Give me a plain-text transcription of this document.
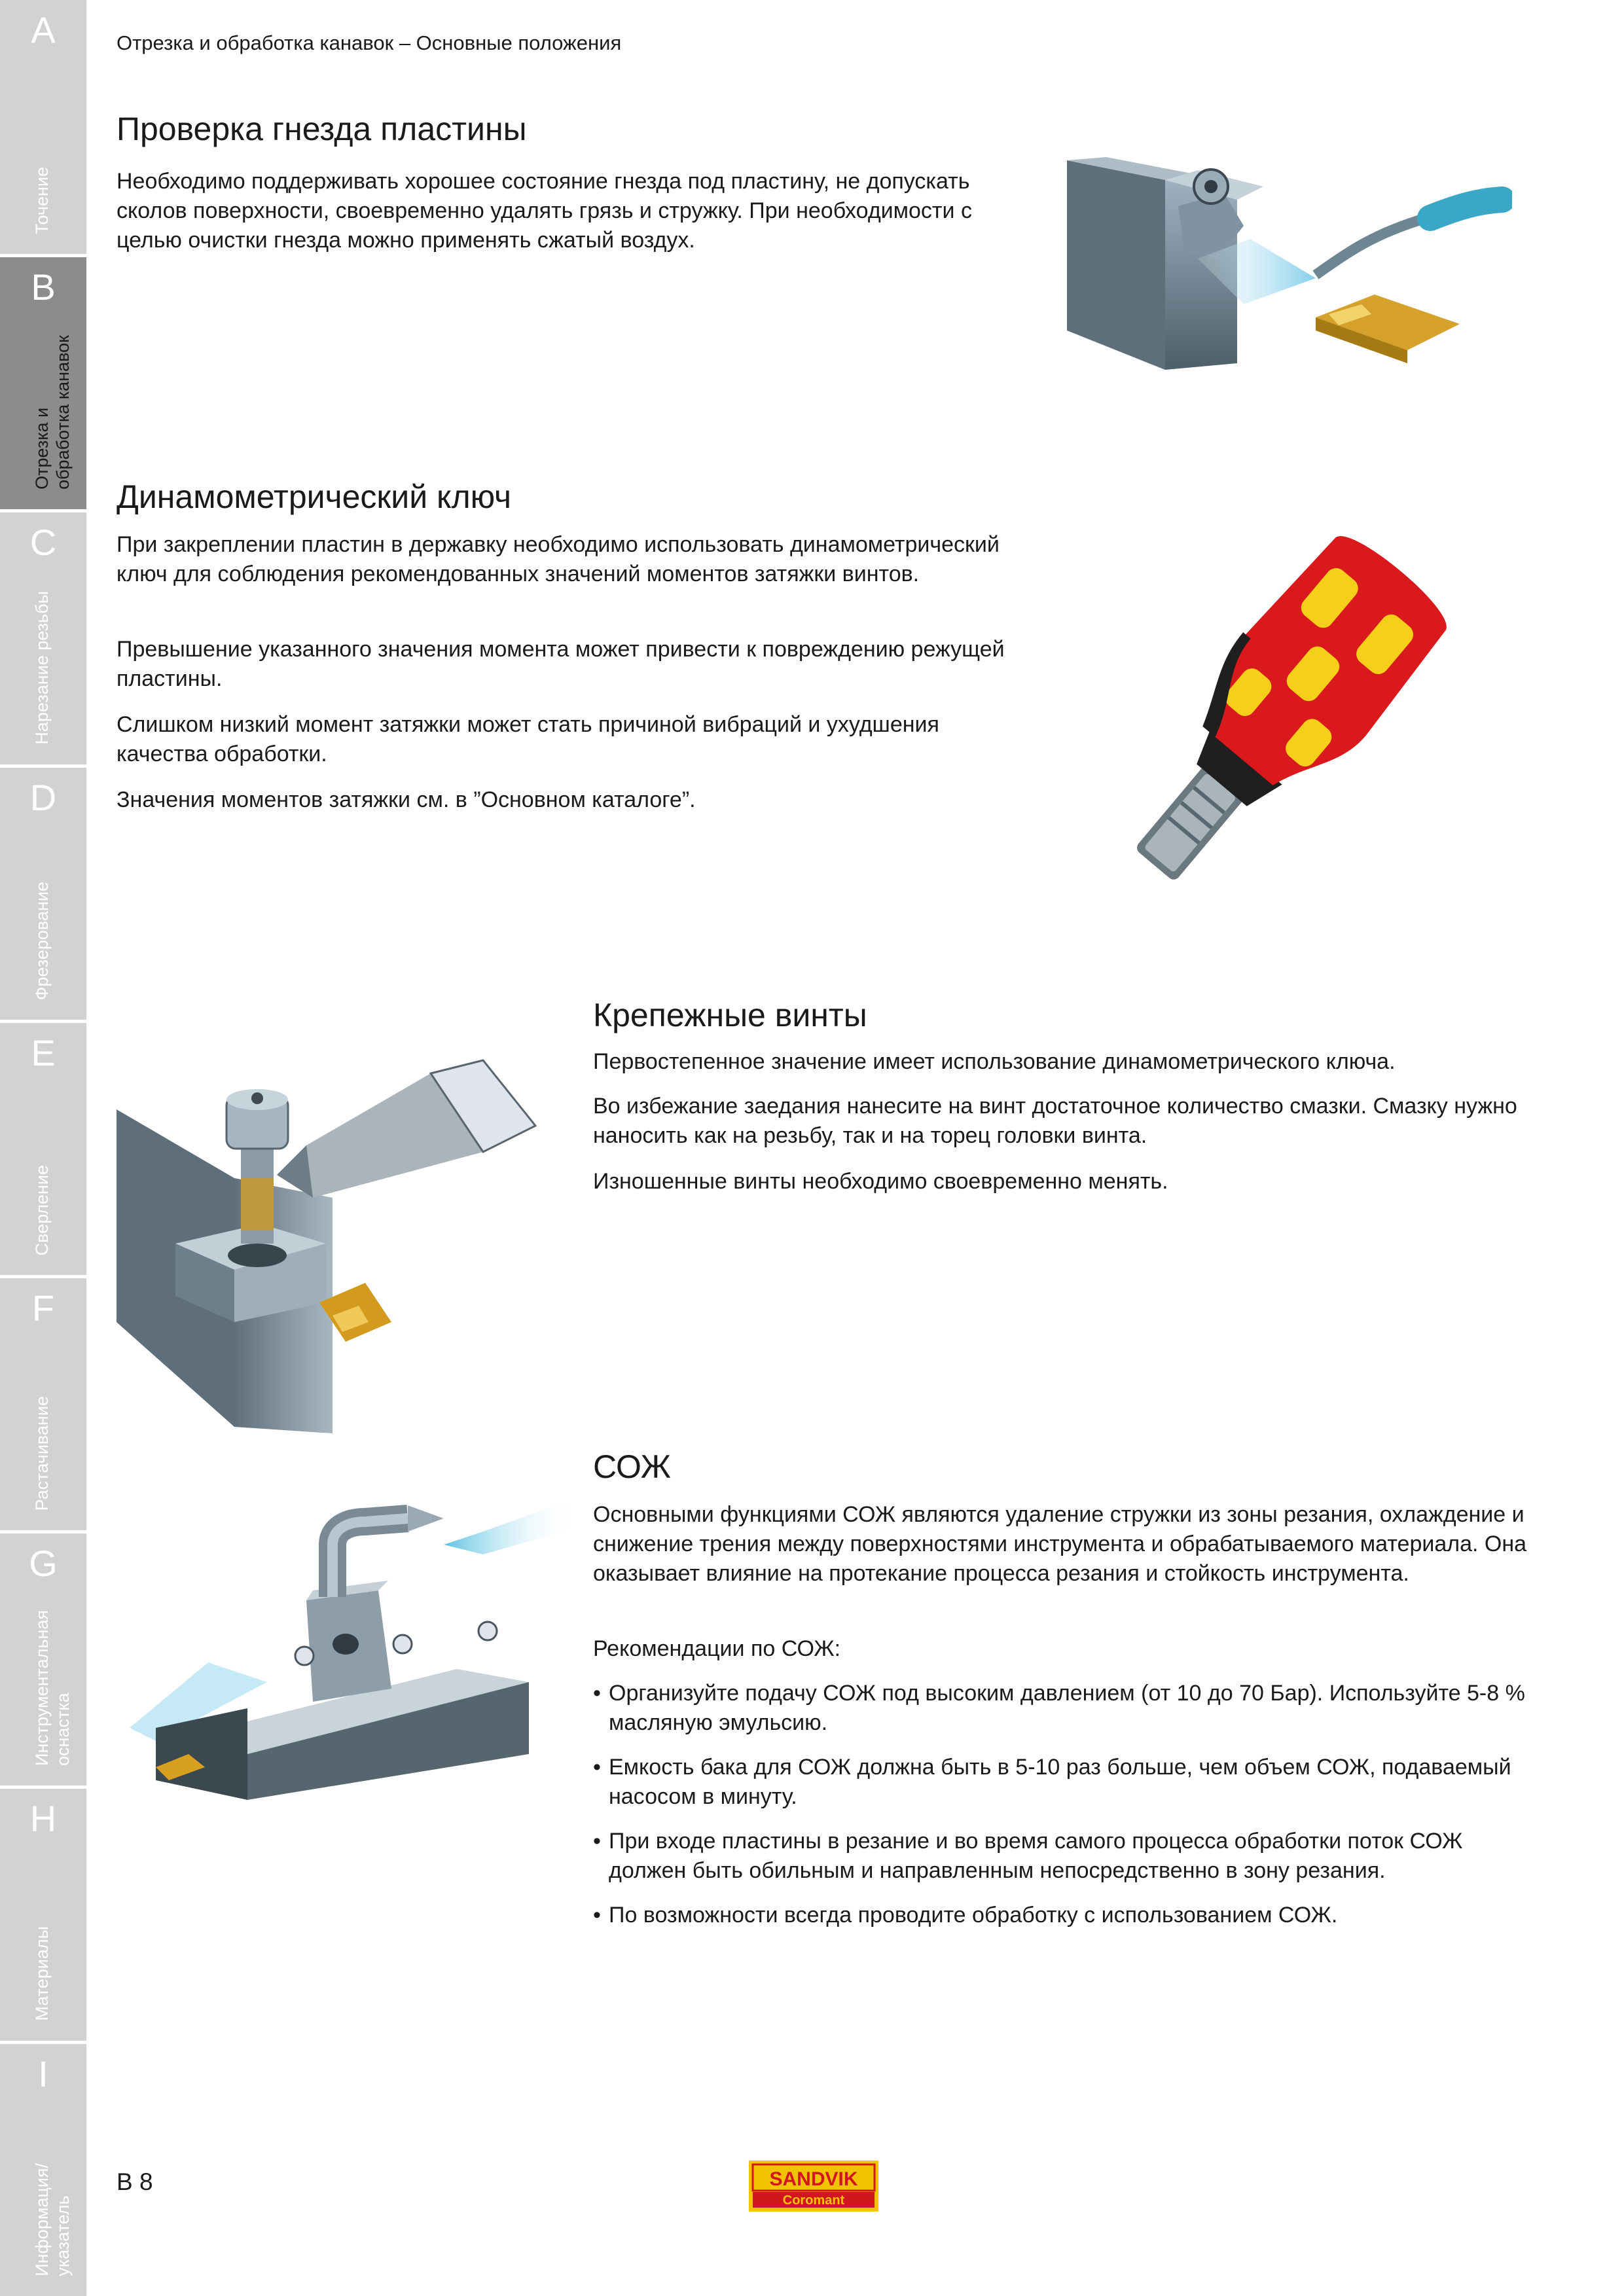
A
Точение
B
Отрезка и
обработка канавок
C
Нарезание резьбы
D
Фрезерование
E
Сверление
F
Растачивание
G
Инструментальная
оснастка
H
Материалы
I
Информация/
указатель
Отрезка и обработка канавок – Основные положения
Проверка гнезда пластины

Необходимо поддерживать хорошее состояние гнезда под пластину, не допускать сколов поверхности, своевременно удалять грязь и стружку. При необходимости с целью очистки гнезда можно применять сжатый воздух.

Динамометрический ключ

При закреплении пластин в державку необходимо использовать динамометрический ключ для соблюдения рекомендованных значений моментов затяжки винтов.

Превышение указанного значения момента может привести к повреждению режущей пластины.

Слишком низкий момент затяжки может стать причиной вибраций и ухудшения качества обработки.

Значения моментов затяжки см. в ”Основном каталоге”.

Крепежные винты

Первостепенное значение имеет использование динамометрического ключа.

Во избежание заедания нанесите на винт достаточное количество смазки. Смазку нужно наносить как на резьбу, так и на торец головки винта.

Изношенные винты необходимо своевременно менять.

СОЖ

Основными функциями СОЖ являются удаление стружки из зоны резания, охлаждение и снижение трения между поверхностями инструмента и обрабатываемого материала. Она оказывает влияние на протекание процесса резания и стойкость инструмента.

Рекомендации по СОЖ:

• Организуйте подачу СОЖ под высоким давлением (от 10 до 70 Бар). Используйте 5-8 % масляную эмульсию.
• Емкость бака для СОЖ должна быть в 5-10 раз больше, чем объем СОЖ, подаваемый насосом в минуту.
• При входе пластины в резание и во время самого процесса обработки поток СОЖ должен быть обильным и направленным непосредственно в зону резания.
• По возможности всегда проводите обработку с использованием СОЖ.
B 8	SANDVIK
Coromant
